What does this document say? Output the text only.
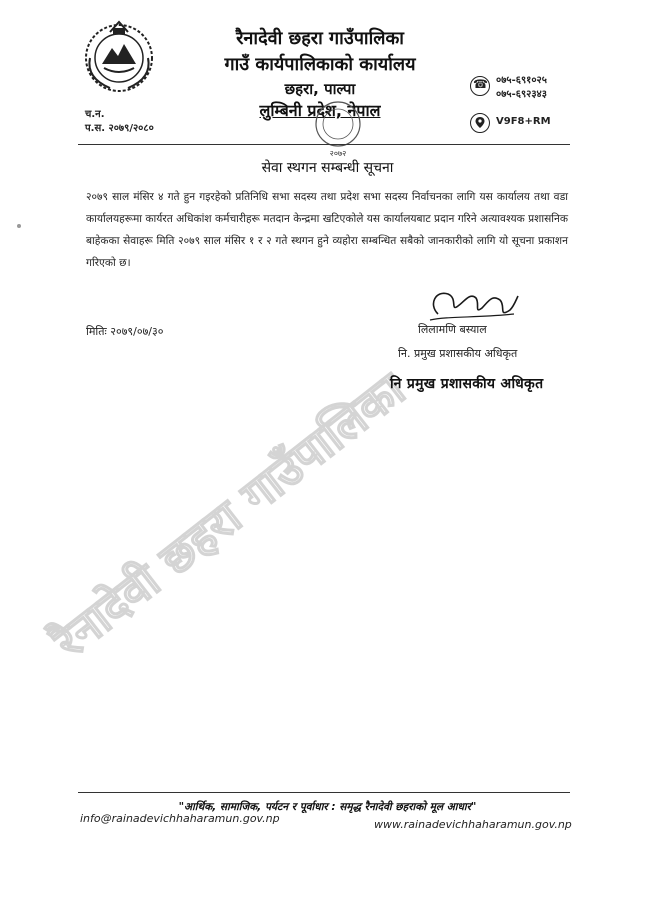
रैनादेवी छहरा गाउँपालिका
रैनादेवी छहरा गाउँपालिका
गाउँ कार्यपालिकाको कार्यालय
छहरा, पाल्पा
लुम्बिनी प्रदेश, नेपाल
च.न.
प.स. २०७९/२०८०
२०७२
☎
०७५-६९१०२५
०७५-६९२३४३
V9F8+RM
सेवा स्थगन सम्बन्धी सूचना
२०७९ साल मंसिर ४ गते हुन गइरहेको प्रतिनिधि सभा सदस्य तथा प्रदेश सभा सदस्य निर्वाचनका लागि यस कार्यालय तथा वडा कार्यालयहरूमा कार्यरत अधिकांश कर्मचारीहरू मतदान केन्द्रमा खटिएकोले यस कार्यालयबाट प्रदान गरिने अत्यावश्यक प्रशासनिक बाहेकका सेवाहरू मिति २०७९ साल मंसिर १ र २ गते स्थगन हुने व्यहोरा सम्बन्धित सबैको जानकारीको लागि यो सूचना प्रकाशन गरिएको छ।
मितिः २०७९/०७/३०	लिलामणि बस्याल
नि. प्रमुख प्रशासकीय अधिकृत
नि प्रमुख प्रशासकीय अधिकृत
"आर्थिक, सामाजिक, पर्यटन र पूर्वाधार : समृद्ध रैनादेवी छहराको मूल आधार"
info@rainadevichhaharamun.gov.np	www.rainadevichhaharamun.gov.np
